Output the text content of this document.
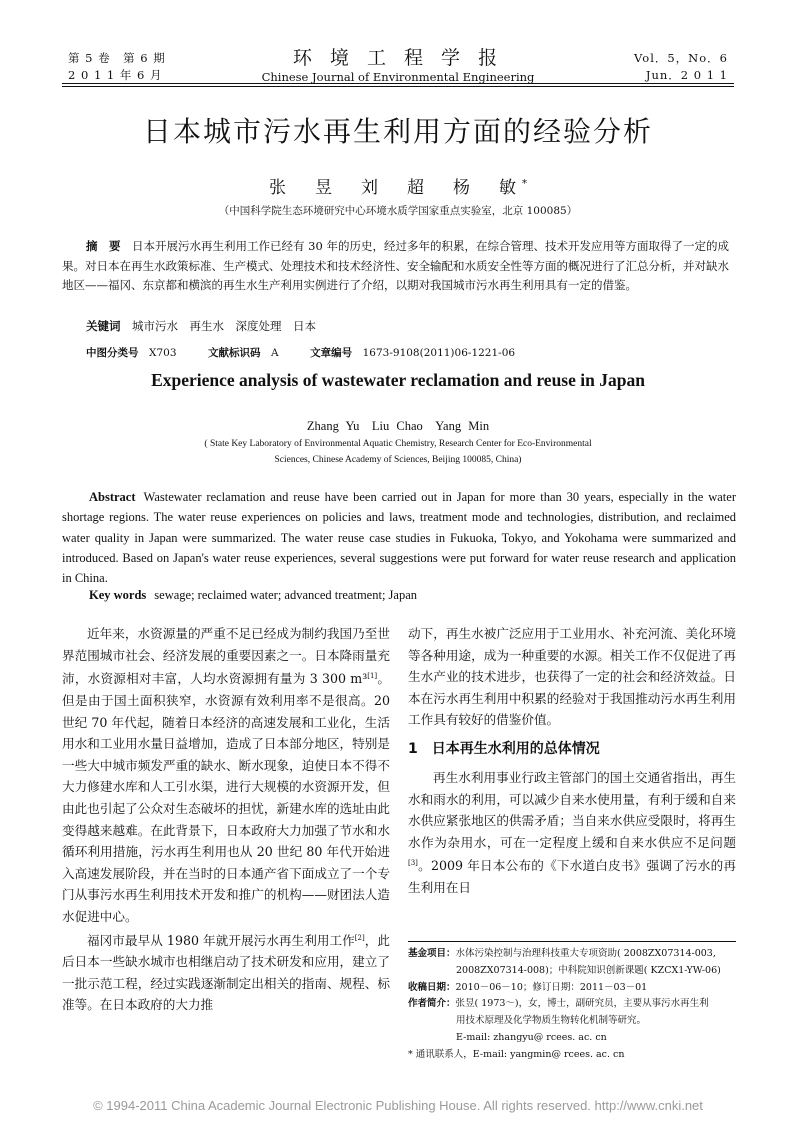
第 5 卷　第 6 期
2 0 1 1 年 6 月
环 境 工 程 学 报
Chinese Journal of Environmental Engineering
Vol．5，No．6
Jun．2 0 1 1
日本城市污水再生利用方面的经验分析
张　昱　刘　超　杨　敏*
（中国科学院生态环境研究中心环境水质学国家重点实验室，北京 100085）

摘　要　 日本开展污水再生利用工作已经有 30 年的历史，经过多年的积累，在综合管理、技术开发应用等方面取得了一定的成果。对日本在再生水政策标准、生产模式、处理技术和技术经济性、安全输配和水质安全性等方面的概况进行了汇总分析，并对缺水地区——福冈、东京都和横滨的再生水生产利用实例进行了介绍，以期对我国城市污水再生利用具有一定的借鉴。

关键词　 城市污水　再生水　深度处理　日本
中图分类号　 X703　　　	文献标识码　 A　　　	文章编号　 1673-9108(2011)06-1221-06
Experience analysis of wastewater reclamation and reuse in Japan
Zhang Yu　Liu Chao　Yang Min
( State Key Laboratory of Environmental Aquatic Chemistry, Research Center for Eco-Environmental
Sciences, Chinese Academy of Sciences, Beijing 100085, China)

Abstract Wastewater reclamation and reuse have been carried out in Japan for more than 30 years, especially in the water shortage regions. The water reuse experiences on policies and laws, treatment mode and technologies, distribution, and reclaimed water quality in Japan were summarized. The water reuse case studies in Fukuoka, Tokyo, and Yokohama were summarized and introduced. Based on Japan's water reuse experiences, several suggestions were put forward for water reuse research and application in China.

Key words sewage; reclaimed water; advanced treatment; Japan

近年来，水资源量的严重不足已经成为制约我国乃至世界范围城市社会、经济发展的重要因素之一。日本降雨量充沛，水资源相对丰富，人均水资源拥有量为 3 300 m³[1]。但是由于国土面积狭窄，水资源有效利用率不是很高。20 世纪 70 年代起，随着日本经济的高速发展和工业化，生活用水和工业用水量日益增加，造成了日本部分地区，特别是一些大中城市频发严重的缺水、断水现象，迫使日本不得不大力修建水库和人工引水渠，进行大规模的水资源开发，但由此也引起了公众对生态破坏的担忧，新建水库的选址由此变得越来越难。在此背景下，日本政府大力加强了节水和水循环利用措施，污水再生利用也从 20 世纪 80 年代开始进入高速发展阶段，并在当时的日本通产省下面成立了一个专门从事污水再生利用技术开发和推广的机构——财团法人造水促进中心。

福冈市最早从 1980 年就开展污水再生利用工作[2]，此后日本一些缺水城市也相继启动了技术研发和应用，建立了一批示范工程，经过实践逐渐制定出相关的指南、规程、标准等。在日本政府的大力推

动下，再生水被广泛应用于工业用水、补充河流、美化环境等各种用途，成为一种重要的水源。相关工作不仅促进了再生水产业的技术进步，也获得了一定的社会和经济效益。日本在污水再生利用中积累的经验对于我国推动污水再生利用工作具有较好的借鉴价值。

1 日本再生水利用的总体情况

再生水利用事业行政主管部门的国土交通省指出，再生水和雨水的利用，可以减少自来水使用量，有利于缓和自来水供应紧张地区的供需矛盾；当自来水供应受限时，将再生水作为杂用水，可在一定程度上缓和自来水供应不足问题[3]。2009 年日本公布的《下水道白皮书》强调了污水的再生利用在日

基金项目：水体污染控制与治理科技重大专项资助( 2008ZX07314-003,
2008ZX07314-008)；中科院知识创新课题( KZCX1-YW-06)
收稿日期：2010－06－10；修订日期：2011－03－01
作者简介：张昱( 1973～)，女，博士，副研究员，主要从事污水再生利
用技术原理及化学物质生物转化机制等研究。
E-mail: zhangyu@ rcees. ac. cn
* 通讯联系人，E-mail: yangmin@ rcees. ac. cn
© 1994-2011 China Academic Journal Electronic Publishing House. All rights reserved. http://www.cnki.net
